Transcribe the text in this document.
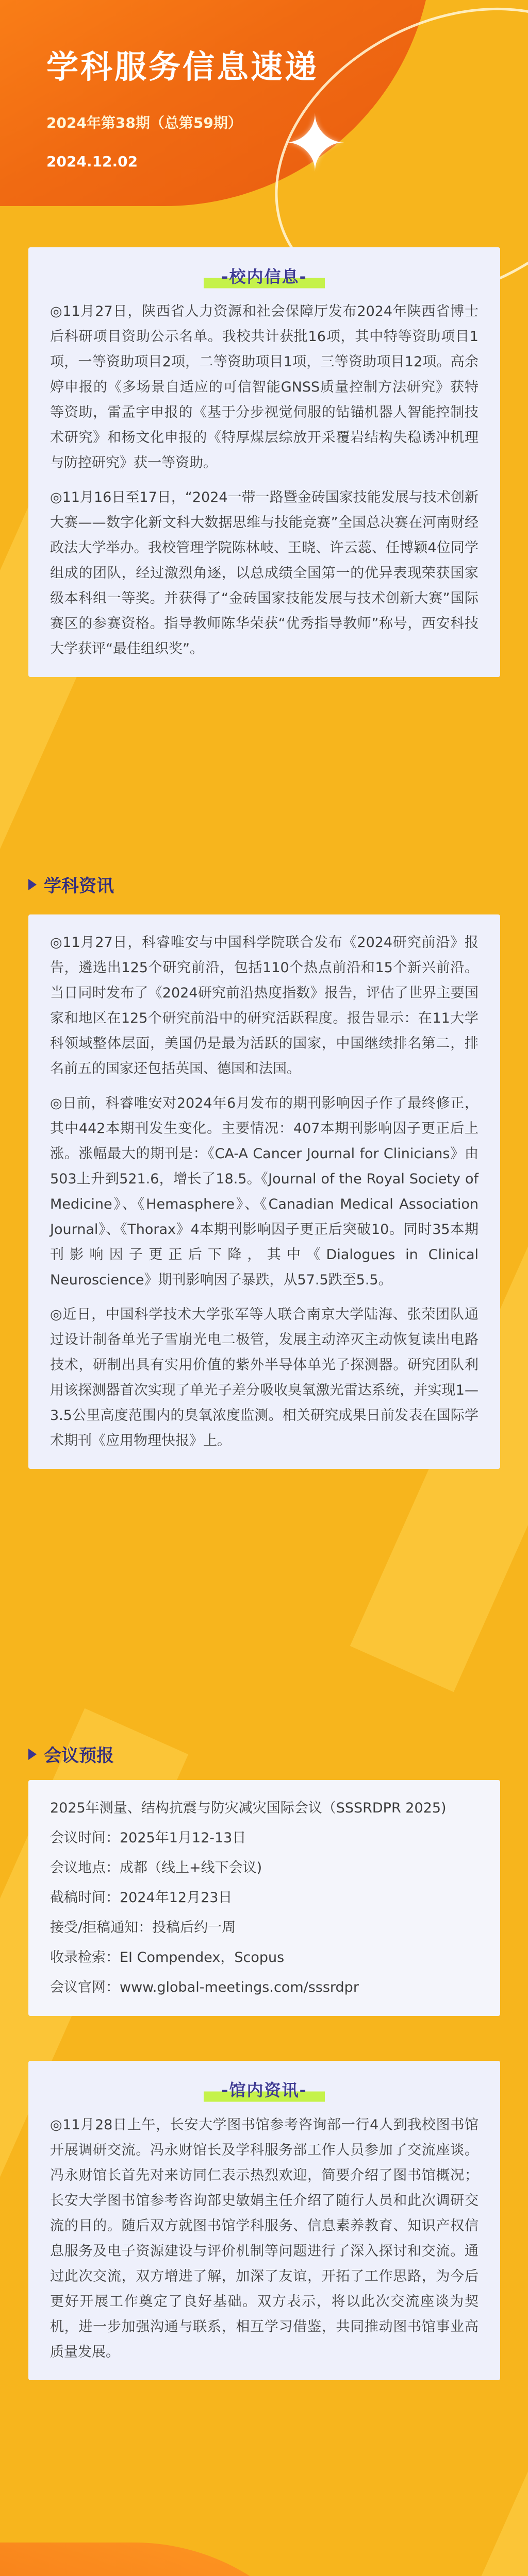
✦
学科服务信息速递
2024年第38期（总第59期）
2024.12.02
-校内信息-

◎11月27日，陕西省人力资源和社会保障厅发布2024年陕西省博士后科研项目资助公示名单。我校共计获批16项，其中特等资助项目1项，一等资助项目2项，二等资助项目1项，三等资助项目12项。高余婷申报的《多场景自适应的可信智能GNSS质量控制方法研究》获特等资助，雷孟宇申报的《基于分步视觉伺服的钻锚机器人智能控制技术研究》和杨文化申报的《特厚煤层综放开采覆岩结构失稳诱冲机理与防控研究》获一等资助。

◎11月16日至17日，“2024一带一路暨金砖国家技能发展与技术创新大赛——数字化新文科大数据思维与技能竞赛”全国总决赛在河南财经政法大学举办。我校管理学院陈林岐、王晓、许云蕊、任博颖4位同学组成的团队，经过激烈角逐，以总成绩全国第一的优异表现荣获国家级本科组一等奖。并获得了“金砖国家技能发展与技术创新大赛”国际赛区的参赛资格。指导教师陈华荣获“优秀指导教师”称号，西安科技大学获评“最佳组织奖”。

学科资讯

◎11月27日，科睿唯安与中国科学院联合发布《2024研究前沿》报告，遴选出125个研究前沿，包括110个热点前沿和15个新兴前沿。当日同时发布了《2024研究前沿热度指数》报告，评估了世界主要国家和地区在125个研究前沿中的研究活跃程度。报告显示：在11大学科领域整体层面，美国仍是最为活跃的国家，中国继续排名第二，排名前五的国家还包括英国、德国和法国。

◎日前，科睿唯安对2024年6月发布的期刊影响因子作了最终修正，其中442本期刊发生变化。主要情况：407本期刊影响因子更正后上涨。涨幅最大的期刊是：《CA-A Cancer Journal for Clinicians》由503上升到521.6，增长了18.5。《Journal of the Royal Society of Medicine》、《Hemasphere》、《Canadian Medical Association Journal》、《Thorax》4本期刊影响因子更正后突破10。同时35本期刊影响因子更正后下降，其中《Dialogues in Clinical Neuroscience》期刊影响因子暴跌，从57.5跌至5.5。

◎近日，中国科学技术大学张军等人联合南京大学陆海、张荣团队通过设计制备单光子雪崩光电二极管，发展主动淬灭主动恢复读出电路技术，研制出具有实用价值的紫外半导体单光子探测器。研究团队利用该探测器首次实现了单光子差分吸收臭氧激光雷达系统，并实现1—3.5公里高度范围内的臭氧浓度监测。相关研究成果日前发表在国际学术期刊《应用物理快报》上。

会议预报

2025年测量、结构抗震与防灾减灾国际会议（SSSRDPR 2025)

会议时间：2025年1月12-13日

会议地点：成都（线上+线下会议)

截稿时间：2024年12月23日

接受/拒稿通知：投稿后约一周

收录检索：EI Compendex，Scopus

会议官网：www.global-meetings.com/sssrdpr

-馆内资讯-

◎11月28日上午，长安大学图书馆参考咨询部一行4人到我校图书馆开展调研交流。冯永财馆长及学科服务部工作人员参加了交流座谈。冯永财馆长首先对来访同仁表示热烈欢迎，简要介绍了图书馆概况；长安大学图书馆参考咨询部史敏娟主任介绍了随行人员和此次调研交流的目的。随后双方就图书馆学科服务、信息素养教育、知识产权信息服务及电子资源建设与评价机制等问题进行了深入探讨和交流。通过此次交流，双方增进了解，加深了友谊，开拓了工作思路，为今后更好开展工作奠定了良好基础。双方表示，将以此次交流座谈为契机，进一步加强沟通与联系，相互学习借鉴，共同推动图书馆事业高质量发展。
